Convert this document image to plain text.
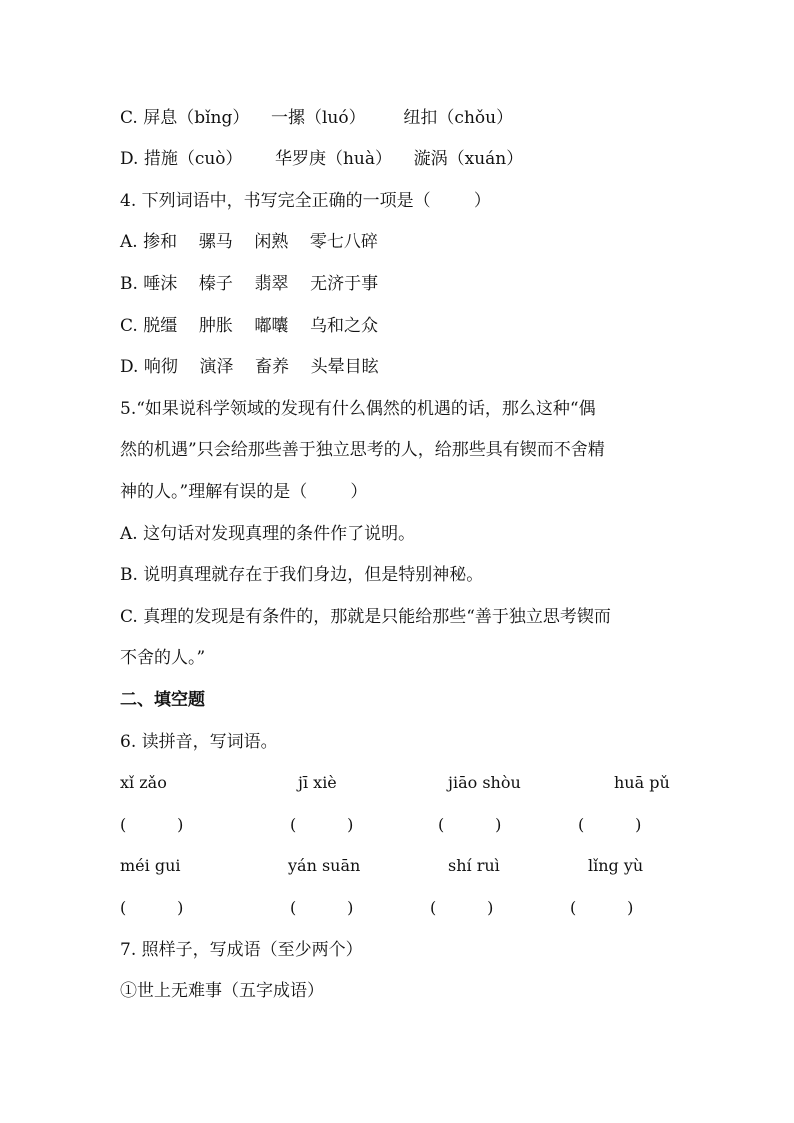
C. 屏息（bǐng）    一摞（luó）       纽扣（chǒu）
D. 措施（cuò）      华罗庚（huà）    漩涡（xuán）
4. 下列词语中，书写完全正确的一项是（        ）
A. 掺和    骡马    闲熟    零七八碎
B. 唾沫    榛子    翡翠    无济于事
C. 脱缰    肿胀    嘟囔    乌和之众
D. 响彻    演泽    畜养    头晕目眩
5.“如果说科学领域的发现有什么偶然的机遇的话，那么这种“偶
然的机遇”只会给那些善于独立思考的人，给那些具有锲而不舍精
神的人。”理解有误的是（        ）
A. 这句话对发现真理的条件作了说明。
B. 说明真理就存在于我们身边，但是特别神秘。
C. 真理的发现是有条件的，那就是只能给那些“善于独立思考锲而
不舍的人。”
二、填空题
6. 读拼音，写词语。
xǐ zǎo	jī xiè	jiāo shòu	huā pǔ
(          )	(          )	(          )	(          )
méi gui	yán suān	shí ruì	lǐng yù
(          )	(          )	(          )	(          )
7. 照样子，写成语（至少两个）
①世上无难事（五字成语）
